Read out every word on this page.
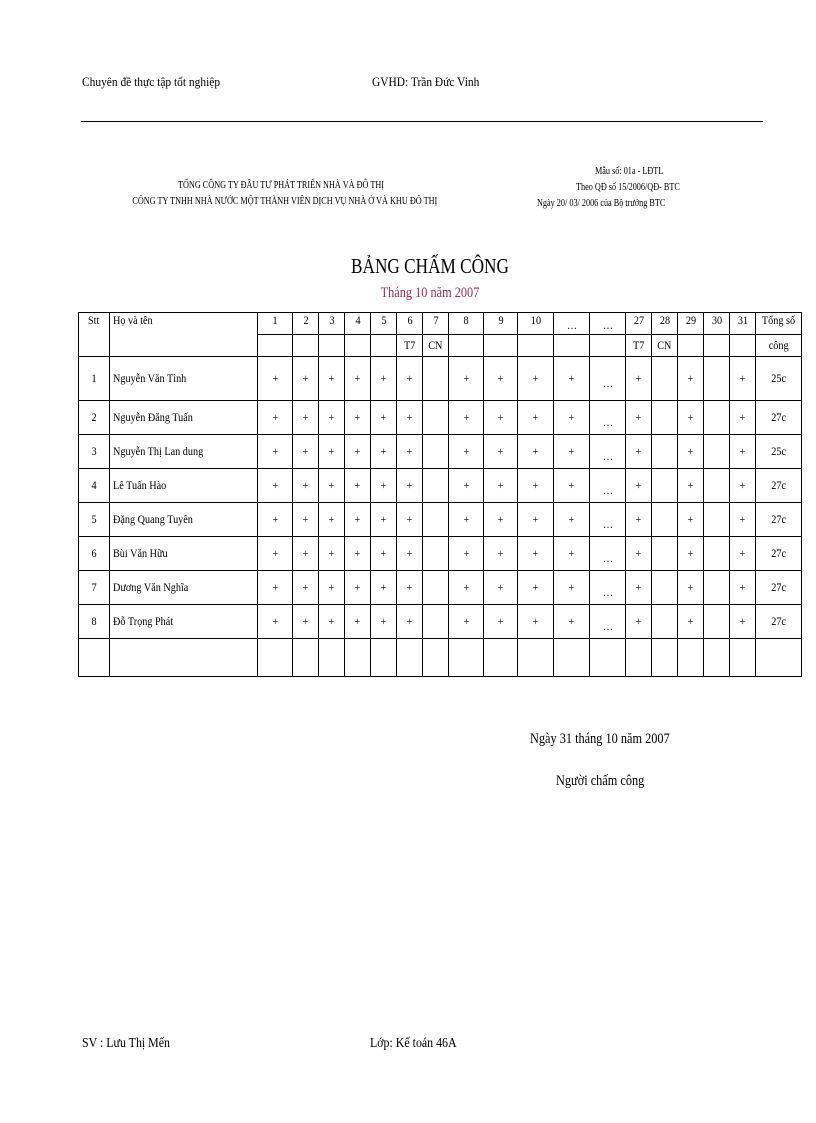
Chuyên đề thực tập tốt nghiệp	GVHD: Trần Đức Vinh
TỔNG CÔNG TY ĐẦU TƯ PHÁT TRIỂN NHÀ VÀ ĐÔ THỊ
CÔNG TY TNHH NHÀ NƯỚC MỘT THÀNH VIÊN DỊCH VỤ NHÀ Ở VÀ KHU ĐÔ THỊ
Mẫu số: 01a - LĐTL
Theo QĐ số 15/2006/QĐ- BTC
Ngày 20/ 03/ 2006 của Bộ trưởng BTC
BẢNG CHẤM CÔNG
Tháng 10 năm 2007
Stt	Họ và tên	1	2	3	4	5	6	7	8	9	10	…	…	27	28	29	30	31	Tổng số
							T7	CN						T7	CN				công
1	Nguyễn Văn Tình	+	+	+	+	+	+		+	+	+	+	…	+		+		+	25c
2	Nguyễn Đăng Tuấn	+	+	+	+	+	+		+	+	+	+	…	+		+		+	27c
3	Nguyễn Thị Lan dung	+	+	+	+	+	+		+	+	+	+	…	+		+		+	25c
4	Lê Tuấn Hào	+	+	+	+	+	+		+	+	+	+	…	+		+		+	27c
5	Đặng Quang Tuyên	+	+	+	+	+	+		+	+	+	+	…	+		+		+	27c
6	Bùi Văn Hữu	+	+	+	+	+	+		+	+	+	+	…	+		+		+	27c
7	Dương Văn Nghĩa	+	+	+	+	+	+		+	+	+	+	…	+		+		+	27c
8	Đỗ Trọng Phát	+	+	+	+	+	+		+	+	+	+	…	+		+		+	27c

Ngày 31 tháng 10 năm 2007
Người chấm công
SV : Lưu Thị Mến	Lớp: Kế toán 46A
